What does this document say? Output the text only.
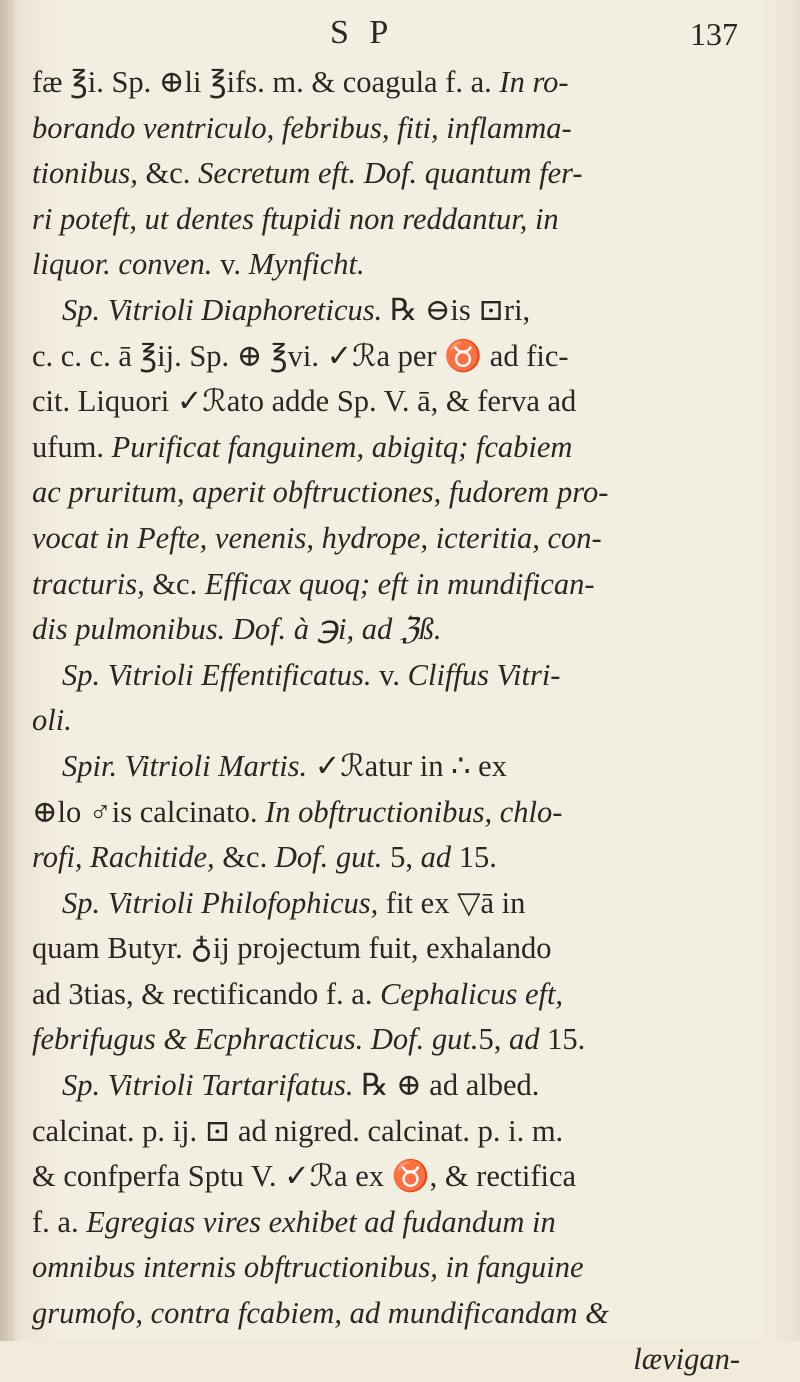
S P	137
fæ ℥i. Sp. ⊕li ℥ifs. m. & coagula f. a. In ro-
borando ventriculo, febribus, fiti, inflamma-
tionibus, &c. Secretum eft. Dof. quantum fer-
ri poteft, ut dentes ftupidi non reddantur, in
liquor. conven. v. Mynficht.
Sp. Vitrioli Diaphoreticus. ℞ ⊖is ⊡ri,
c. c. c. ā ℥ij. Sp. ⊕ ℥vi. ✓ℛa per ♉ ad fic-
cit. Liquori ✓ℛato adde Sp. V. ā, & ferva ad
ufum. Purificat fanguinem, abigitq; fcabiem
ac pruritum, aperit obftructiones, fudorem pro-
vocat in Pefte, venenis, hydrope, icteritia, con-
tracturis, &c. Efficax quoq; eft in mundifican-
dis pulmonibus. Dof. à ℈i, ad ℨß.
Sp. Vitrioli Effentificatus. v. Cliffus Vitri-
oli.
Spir. Vitrioli Martis. ✓ℛatur in ∴ ex
⊕lo ♂is calcinato. In obftructionibus, chlo-
rofi, Rachitide, &c. Dof. gut. 5, ad 15.
Sp. Vitrioli Philofophicus, fit ex ▽ā in
quam Butyr. ♁ij projectum fuit, exhalando
ad 3tias, & rectificando f. a. Cephalicus eft,
febrifugus & Ecphracticus. Dof. gut.5, ad 15.
Sp. Vitrioli Tartarifatus. ℞ ⊕ ad albed.
calcinat. p. ij. ⊡ ad nigred. calcinat. p. i. m.
& confperfa Sptu V. ✓ℛa ex ♉, & rectifica
f. a. Egregias vires exhibet ad fudandum in
omnibus internis obftructionibus, in fanguine
grumofo, contra fcabiem, ad mundificandam &
lævigan-
